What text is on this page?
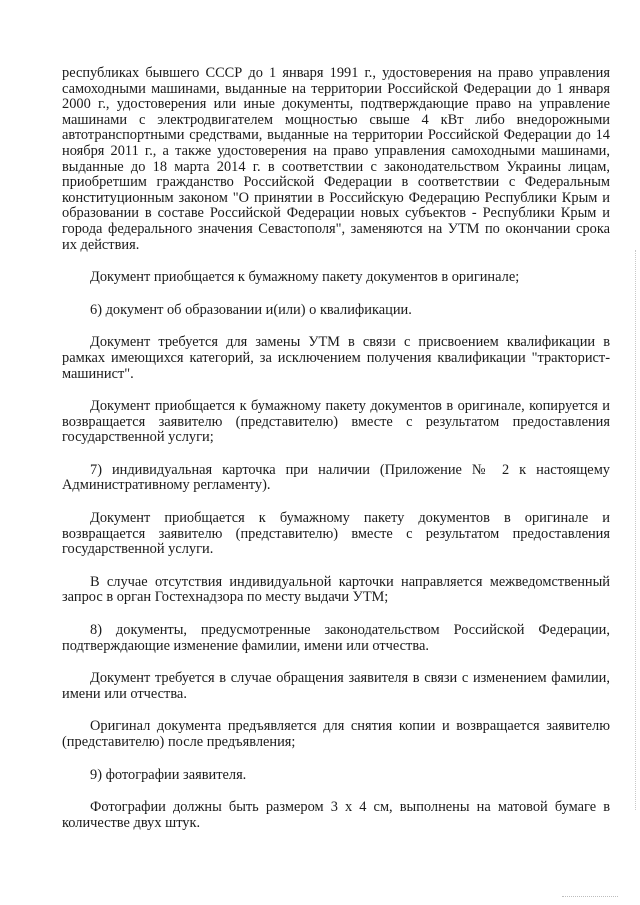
республиках бывшего СССР до 1 января 1991 г., удостоверения на право управления самоходными машинами, выданные на территории Российской Федерации до 1 января 2000 г., удостоверения или иные документы, подтверждающие право на управление машинами с электродвигателем мощностью свыше 4 кВт либо внедорожными автотранспортными средствами, выданные на территории Российской Федерации до 14 ноября 2011 г., а также удостоверения на право управления самоходными машинами, выданные до 18 марта 2014 г. в соответствии с законодательством Украины лицам, приобретшим гражданство Российской Федерации в соответствии с Федеральным конституционным законом "О принятии в Российскую Федерацию Республики Крым и образовании в составе Российской Федерации новых субъектов - Республики Крым и города федерального значения Севастополя", заменяются на УТМ по окончании срока их действия.

Документ приобщается к бумажному пакету документов в оригинале;

6) документ об образовании и(или) о квалификации.

Документ требуется для замены УТМ в связи с присвоением квалификации в рамках имеющихся категорий, за исключением получения квалификации "тракторист-машинист".

Документ приобщается к бумажному пакету документов в оригинале, копируется и возвращается заявителю (представителю) вместе с результатом предоставления государственной услуги;

7) индивидуальная карточка при наличии (Приложение № 2 к настоящему Административному регламенту).

Документ приобщается к бумажному пакету документов в оригинале и возвращается заявителю (представителю) вместе с результатом предоставления государственной услуги.

В случае отсутствия индивидуальной карточки направляется межведомственный запрос в орган Гостехнадзора по месту выдачи УТМ;

8) документы, предусмотренные законодательством Российской Федерации, подтверждающие изменение фамилии, имени или отчества.

Документ требуется в случае обращения заявителя в связи с изменением фамилии, имени или отчества.

Оригинал документа предъявляется для снятия копии и возвращается заявителю (представителю) после предъявления;

9) фотографии заявителя.

Фотографии должны быть размером 3 х 4 см, выполнены на матовой бумаге в количестве двух штук.
